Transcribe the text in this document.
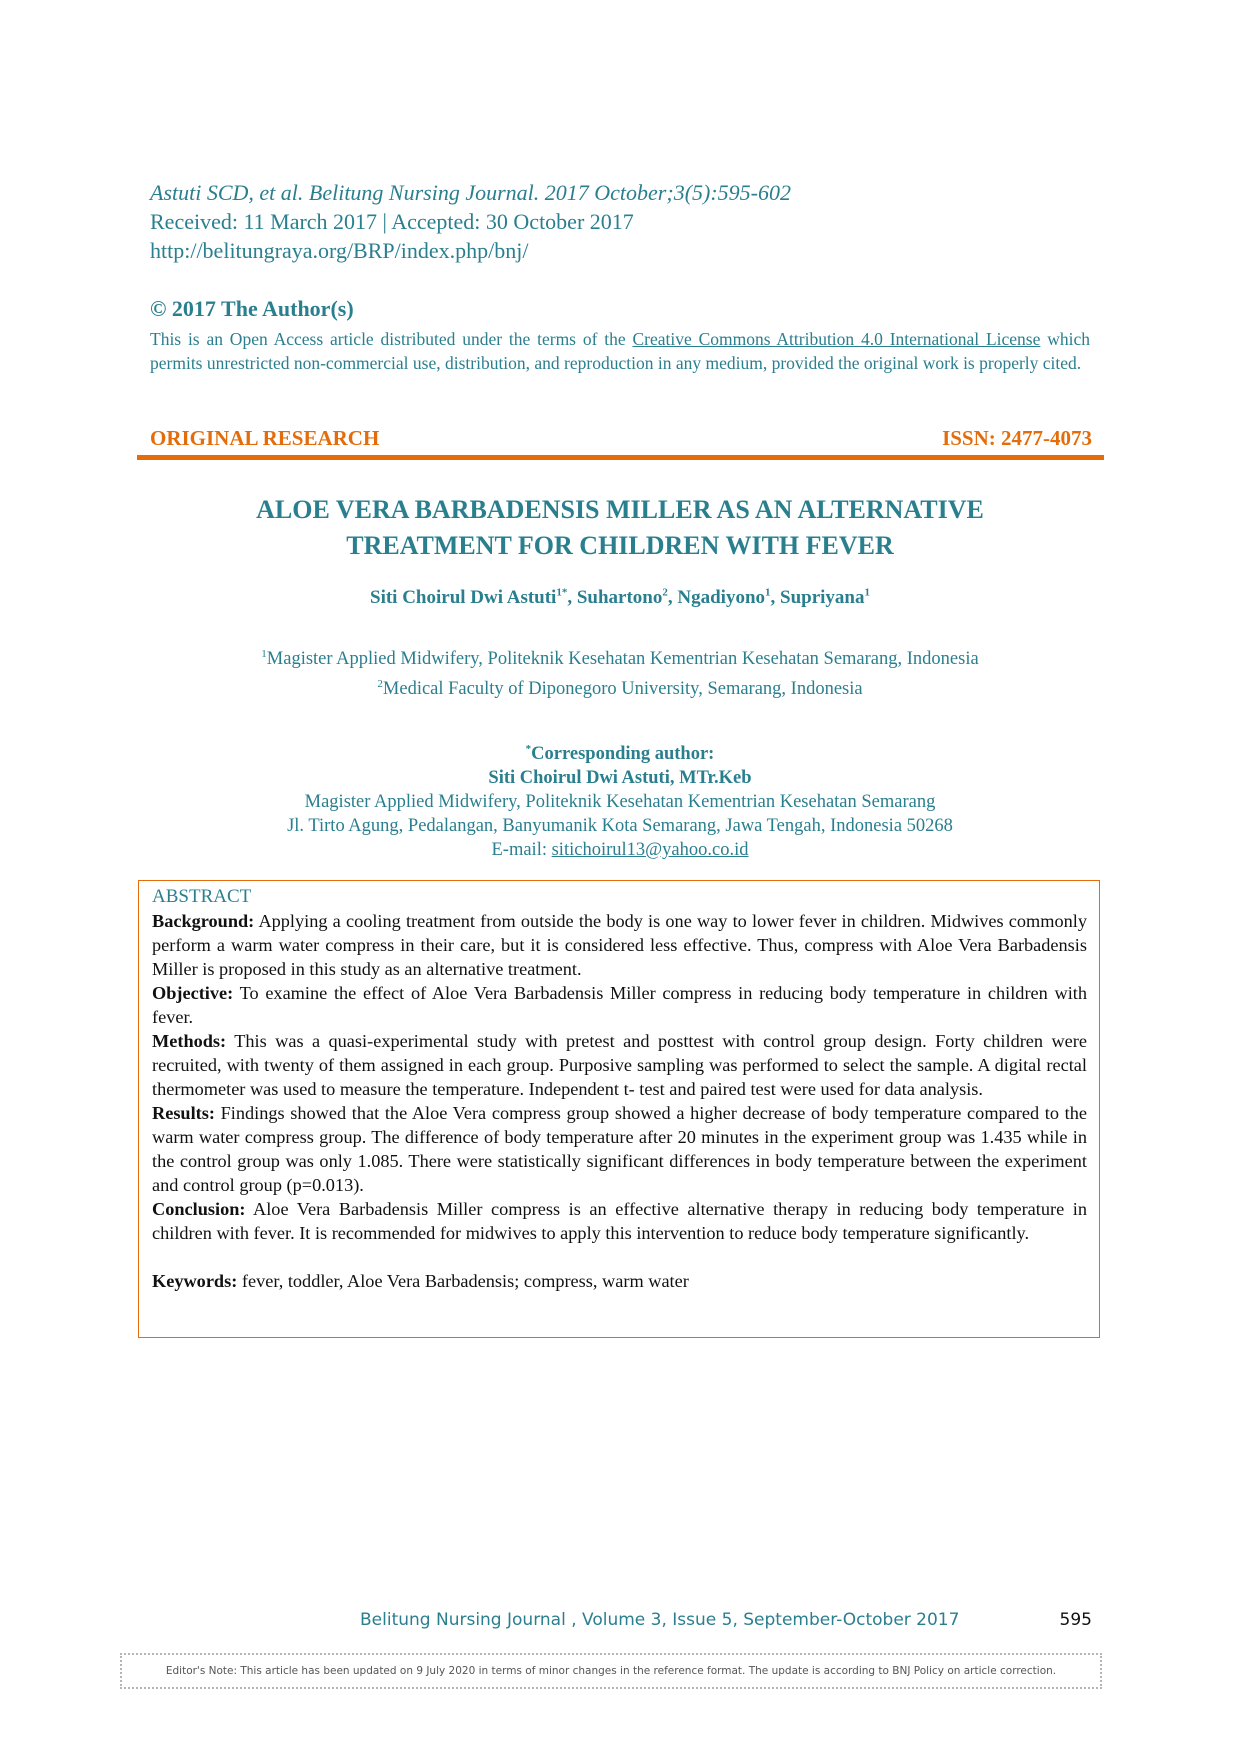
Astuti SCD, et al. Belitung Nursing Journal. 2017 October;3(5):595-602
Received: 11 March 2017 | Accepted: 30 October 2017
http://belitungraya.org/BRP/index.php/bnj/
© 2017 The Author(s)

This is an Open Access article distributed under the terms of the Creative Commons Attribution 4.0 International License which permits unrestricted non-commercial use, distribution, and reproduction in any medium, provided the original work is properly cited.

ORIGINAL RESEARCH	ISSN: 2477-4073
ALOE VERA BARBADENSIS MILLER AS AN ALTERNATIVE
TREATMENT FOR CHILDREN WITH FEVER
Siti Choirul Dwi Astuti$^{1*}$, Suhartono$^2$, Ngadiyono$^1$, Supriyana$^1$
$^1$Magister Applied Midwifery, Politeknik Kesehatan Kementrian Kesehatan Semarang, Indonesia
$^2$Medical Faculty of Diponegoro University, Semarang, Indonesia
*Corresponding author:
Siti Choirul Dwi Astuti, MTr.Keb
Magister Applied Midwifery, Politeknik Kesehatan Kementrian Kesehatan Semarang
Jl. Tirto Agung, Pedalangan, Banyumanik Kota Semarang, Jawa Tengah, Indonesia 50268
E-mail: sitichoirul13@yahoo.co.id
ABSTRACT

Background: Applying a cooling treatment from outside the body is one way to lower fever in children. Midwives commonly perform a warm water compress in their care, but it is considered less effective. Thus, compress with Aloe Vera Barbadensis Miller is proposed in this study as an alternative treatment.

Objective: To examine the effect of Aloe Vera Barbadensis Miller compress in reducing body temperature in children with fever.

Methods: This was a quasi-experimental study with pretest and posttest with control group design. Forty children were recruited, with twenty of them assigned in each group. Purposive sampling was performed to select the sample. A digital rectal thermometer was used to measure the temperature. Independent t- test and paired test were used for data analysis.

Results: Findings showed that the Aloe Vera compress group showed a higher decrease of body temperature compared to the warm water compress group. The difference of body temperature after 20 minutes in the experiment group was 1.435 while in the control group was only 1.085. There were statistically significant differences in body temperature between the experiment and control group (p=0.013).

Conclusion: Aloe Vera Barbadensis Miller compress is an effective alternative therapy in reducing body temperature in children with fever. It is recommended for midwives to apply this intervention to reduce body temperature significantly.

Keywords: fever, toddler, Aloe Vera Barbadensis; compress, warm water

Belitung Nursing Journal , Volume 3, Issue 5, September-October 2017	595
Editor's Note: This article has been updated on 9 July 2020 in terms of minor changes in the reference format. The update is according to BNJ Policy on article correction.
